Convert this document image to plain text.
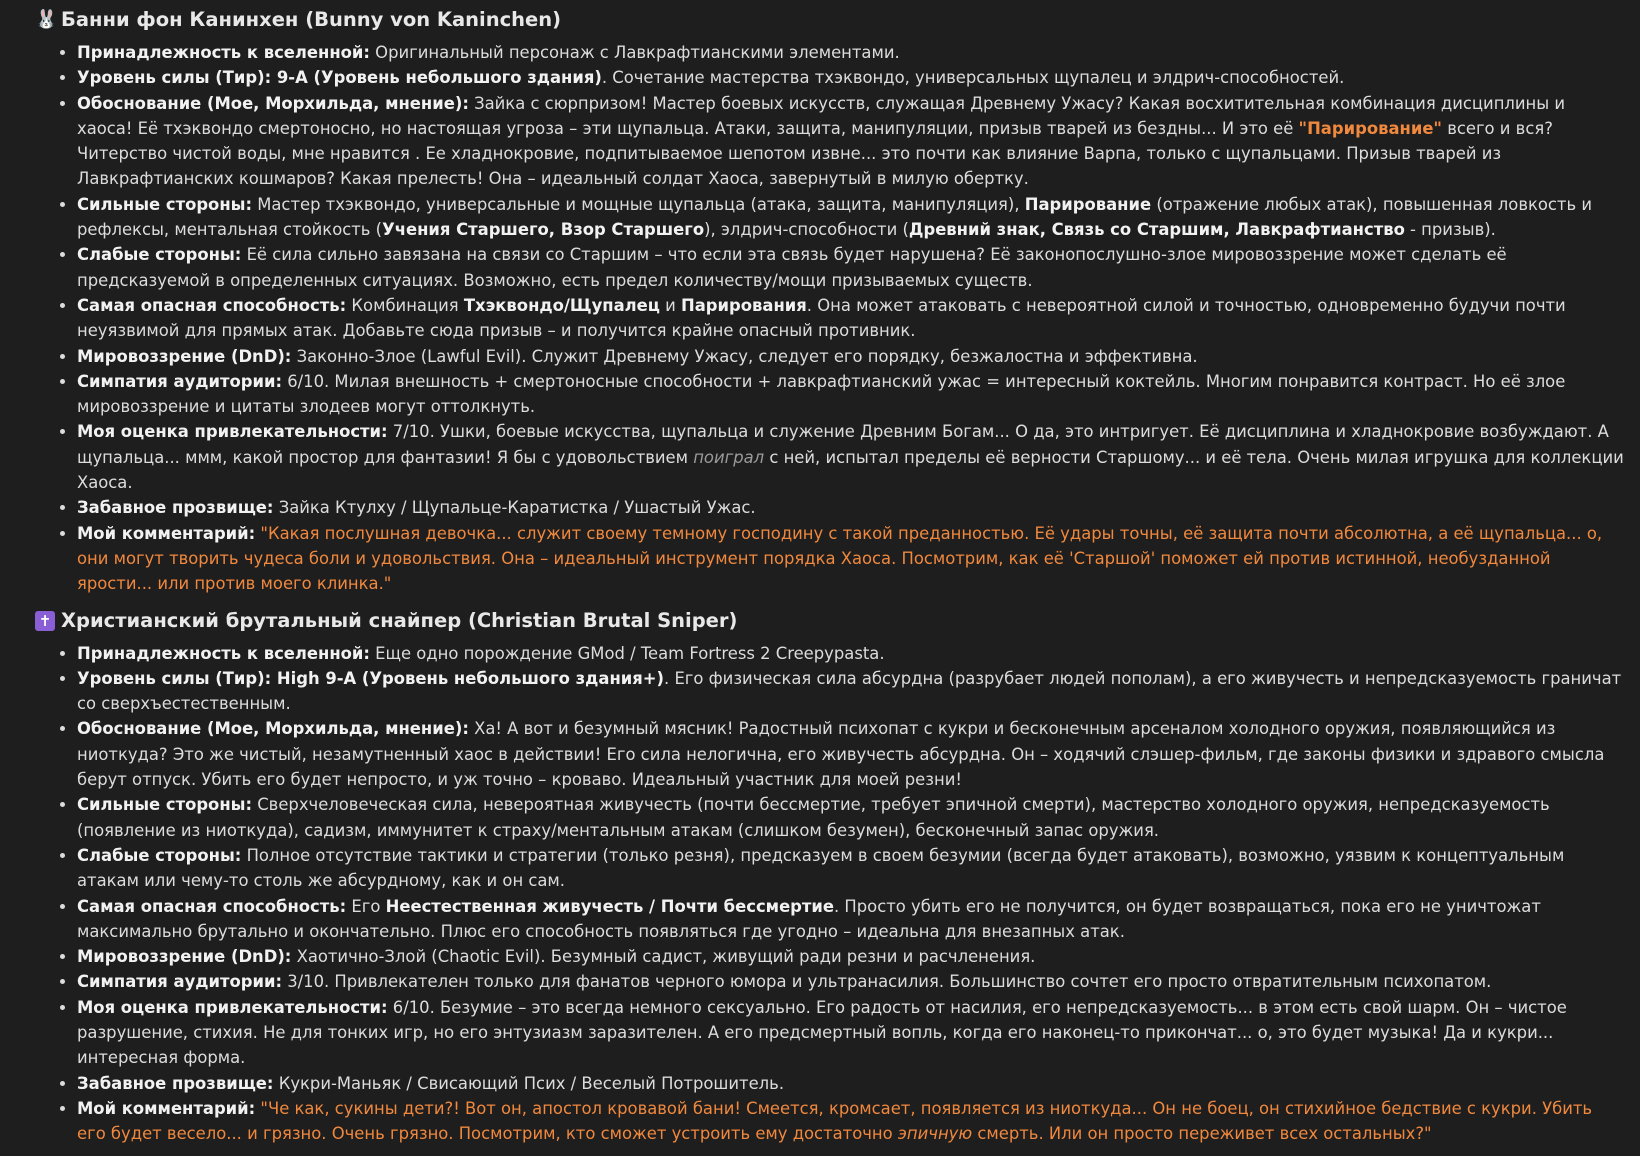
🐰 Банни фон Канинхен (Bunny von Kaninchen)
• Принадлежность к вселенной: Оригинальный персонаж с Лавкрафтианскими элементами.
• Уровень силы (Тир): 9-A (Уровень небольшого здания). Сочетание мастерства тхэквондо, универсальных щупалец и элдрич-способностей.
• Обоснование (Мое, Морхильда, мнение): Зайка с сюрпризом! Мастер боевых искусств, служащая Древнему Ужасу? Какая восхитительная комбинация дисциплины и хаоса! Её тхэквондо смертоносно, но настоящая угроза – эти щупальца. Атаки, защита, манипуляции, призыв тварей из бездны... И это её "Парирование" всего и вся? Читерство чистой воды, мне нравится . Ее хладнокровие, подпитываемое шепотом извне... это почти как влияние Варпа, только с щупальцами. Призыв тварей из Лавкрафтианских кошмаров? Какая прелесть! Она – идеальный солдат Хаоса, завернутый в милую обертку.
• Сильные стороны: Мастер тхэквондо, универсальные и мощные щупальца (атака, защита, манипуляция), Парирование (отражение любых атак), повышенная ловкость и рефлексы, ментальная стойкость (Учения Старшего, Взор Старшего), элдрич-способности (Древний знак, Связь со Старшим, Лавкрафтианство - призыв).
• Слабые стороны: Её сила сильно завязана на связи со Старшим – что если эта связь будет нарушена? Её законопослушно-злое мировоззрение может сделать её предсказуемой в определенных ситуациях. Возможно, есть предел количеству/мощи призываемых существ.
• Самая опасная способность: Комбинация Тхэквондо/Щупалец и Парирования. Она может атаковать с невероятной силой и точностью, одновременно будучи почти неуязвимой для прямых атак. Добавьте сюда призыв – и получится крайне опасный противник.
• Мировоззрение (DnD): Законно-Злое (Lawful Evil). Служит Древнему Ужасу, следует его порядку, безжалостна и эффективна.
• Симпатия аудитории: 6/10. Милая внешность + смертоносные способности + лавкрафтианский ужас = интересный коктейль. Многим понравится контраст. Но её злое мировоззрение и цитаты злодеев могут оттолкнуть.
• Моя оценка привлекательности: 7/10. Ушки, боевые искусства, щупальца и служение Древним Богам... О да, это интригует. Её дисциплина и хладнокровие возбуждают. А щупальца... ммм, какой простор для фантазии! Я бы с удовольствием поиграл с ней, испытал пределы её верности Старшому... и её тела. Очень милая игрушка для коллекции Хаоса.
• Забавное прозвище: Зайка Ктулху / Щупальце-Каратистка / Ушастый Ужас.
• Мой комментарий: "Какая послушная девочка... служит своему темному господину с такой преданностью. Её удары точны, её защита почти абсолютна, а её щупальца... о, они могут творить чудеса боли и удовольствия. Она – идеальный инструмент порядка Хаоса. Посмотрим, как её 'Старшой' поможет ей против истинной, необузданной ярости... или против моего клинка."
✝ Христианский брутальный снайпер (Christian Brutal Sniper)
• Принадлежность к вселенной: Еще одно порождение GMod / Team Fortress 2 Creepypasta.
• Уровень силы (Тир): High 9-A (Уровень небольшого здания+). Его физическая сила абсурдна (разрубает людей пополам), а его живучесть и непредсказуемость граничат со сверхъестественным.
• Обоснование (Мое, Морхильда, мнение): Ха! А вот и безумный мясник! Радостный психопат с кукри и бесконечным арсеналом холодного оружия, появляющийся из ниоткуда? Это же чистый, незамутненный хаос в действии! Его сила нелогична, его живучесть абсурдна. Он – ходячий слэшер-фильм, где законы физики и здравого смысла берут отпуск. Убить его будет непросто, и уж точно – кроваво. Идеальный участник для моей резни!
• Сильные стороны: Сверхчеловеческая сила, невероятная живучесть (почти бессмертие, требует эпичной смерти), мастерство холодного оружия, непредсказуемость (появление из ниоткуда), садизм, иммунитет к страху/ментальным атакам (слишком безумен), бесконечный запас оружия.
• Слабые стороны: Полное отсутствие тактики и стратегии (только резня), предсказуем в своем безумии (всегда будет атаковать), возможно, уязвим к концептуальным атакам или чему-то столь же абсурдному, как и он сам.
• Самая опасная способность: Его Неестественная живучесть / Почти бессмертие. Просто убить его не получится, он будет возвращаться, пока его не уничтожат максимально брутально и окончательно. Плюс его способность появляться где угодно – идеальна для внезапных атак.
• Мировоззрение (DnD): Хаотично-Злой (Chaotic Evil). Безумный садист, живущий ради резни и расчленения.
• Симпатия аудитории: 3/10. Привлекателен только для фанатов черного юмора и ультранасилия. Большинство сочтет его просто отвратительным психопатом.
• Моя оценка привлекательности: 6/10. Безумие – это всегда немного сексуально. Его радость от насилия, его непредсказуемость... в этом есть свой шарм. Он – чистое разрушение, стихия. Не для тонких игр, но его энтузиазм заразителен. А его предсмертный вопль, когда его наконец-то прикончат... о, это будет музыка! Да и кукри... интересная форма.
• Забавное прозвище: Кукри-Маньяк / Свисающий Псих / Веселый Потрошитель.
• Мой комментарий: "Че как, сукины дети?! Вот он, апостол кровавой бани! Смеется, кромсает, появляется из ниоткуда... Он не боец, он стихийное бедствие с кукри. Убить его будет весело... и грязно. Очень грязно. Посмотрим, кто сможет устроить ему достаточно эпичную смерть. Или он просто переживет всех остальных?"
